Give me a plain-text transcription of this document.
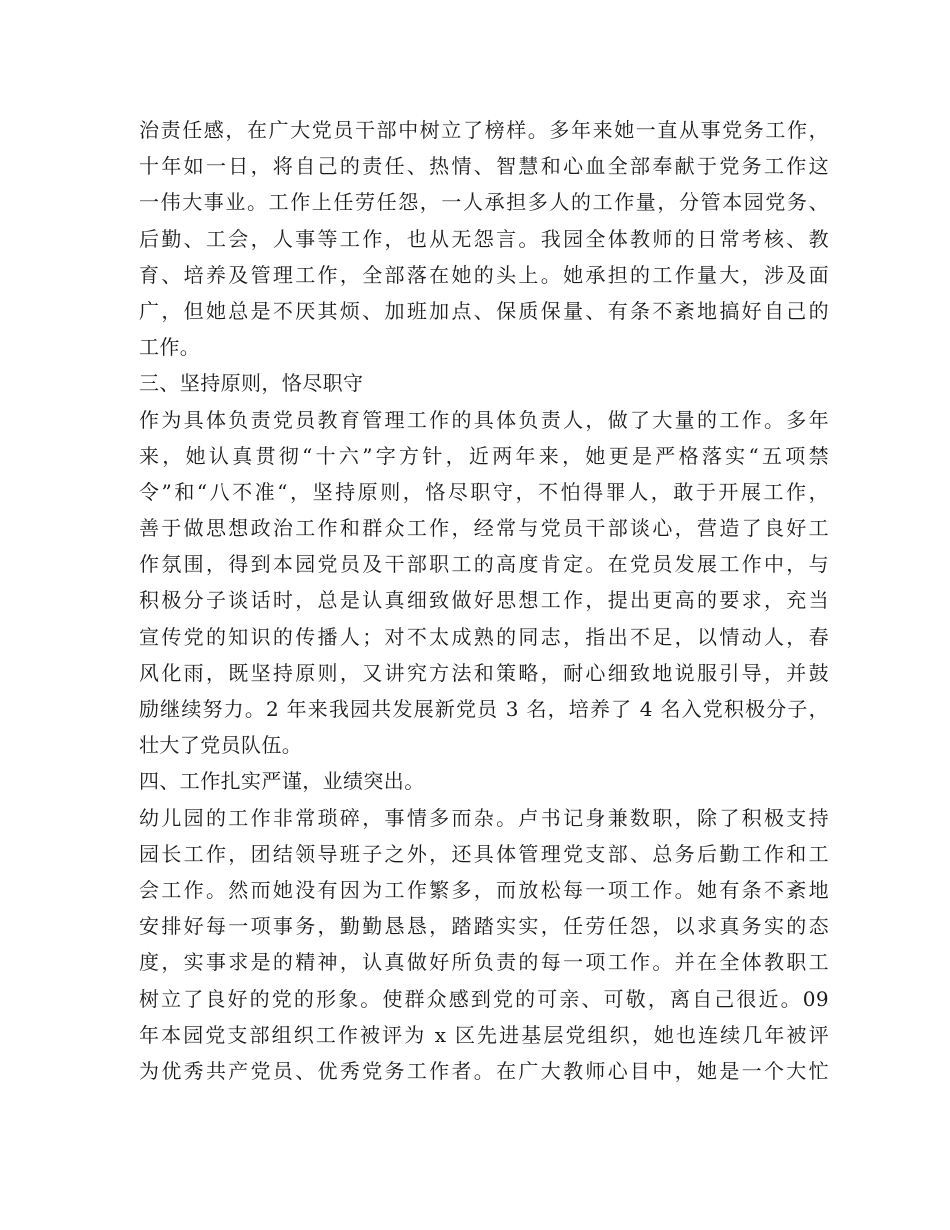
治责任感，在广大党员干部中树立了榜样。多年来她一直从事党务工作，
十年如一日，将自己的责任、热情、智慧和心血全部奉献于党务工作这
一伟大事业。工作上任劳任怨，一人承担多人的工作量，分管本园党务、
后勤、工会，人事等工作，也从无怨言。我园全体教师的日常考核、教
育、培养及管理工作，全部落在她的头上。她承担的工作量大，涉及面
广，但她总是不厌其烦、加班加点、保质保量、有条不紊地搞好自己的
工作。
三、坚持原则，恪尽职守
作为具体负责党员教育管理工作的具体负责人，做了大量的工作。多年
来，她认真贯彻“十六”字方针，近两年来，她更是严格落实“五项禁
令”和“八不准“，坚持原则，恪尽职守，不怕得罪人，敢于开展工作，
善于做思想政治工作和群众工作，经常与党员干部谈心，营造了良好工
作氛围，得到本园党员及干部职工的高度肯定。在党员发展工作中，与
积极分子谈话时，总是认真细致做好思想工作，提出更高的要求，充当
宣传党的知识的传播人；对不太成熟的同志，指出不足，以情动人，春
风化雨，既坚持原则，又讲究方法和策略，耐心细致地说服引导，并鼓
励继续努力。2 年来我园共发展新党员 3 名，培养了 4 名入党积极分子，
壮大了党员队伍。
四、工作扎实严谨，业绩突出。
幼儿园的工作非常琐碎，事情多而杂。卢书记身兼数职，除了积极支持
园长工作，团结领导班子之外，还具体管理党支部、总务后勤工作和工
会工作。然而她没有因为工作繁多，而放松每一项工作。她有条不紊地
安排好每一项事务，勤勤恳恳，踏踏实实，任劳任怨，以求真务实的态
度，实事求是的精神，认真做好所负责的每一项工作。并在全体教职工
树立了良好的党的形象。使群众感到党的可亲、可敬，离自己很近。09
年本园党支部组织工作被评为 x 区先进基层党组织，她也连续几年被评
为优秀共产党员、优秀党务工作者。在广大教师心目中，她是一个大忙
